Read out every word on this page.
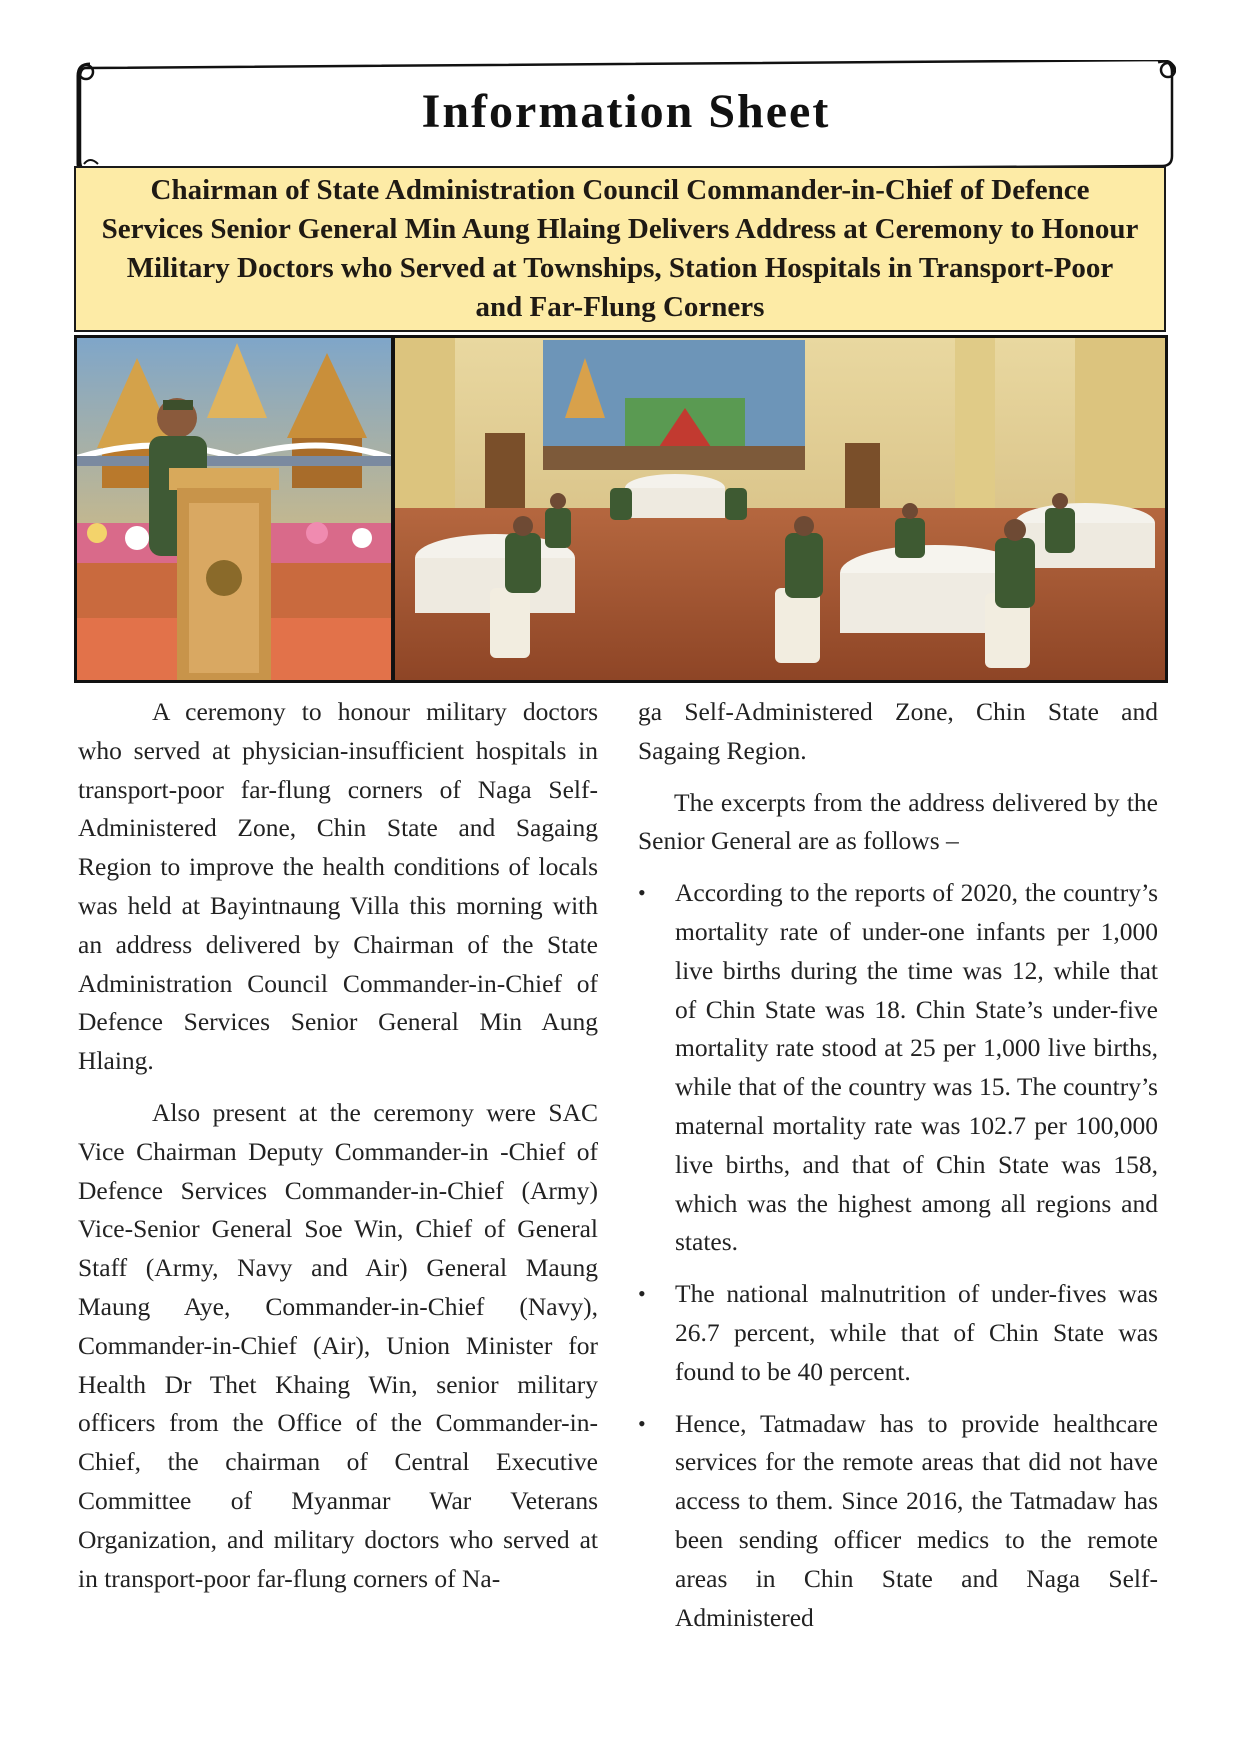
Information Sheet
Chairman of State Administration Council Commander-in-Chief of Defence Services Senior General Min Aung Hlaing Delivers Address at Ceremony to Honour Military Doctors who Served at Townships, Station Hospitals in Transport-Poor and Far-Flung Corners

A ceremony to honour military doctors who served at physician-insufficient hospitals in transport-poor far-flung corners of Naga Self-Administered Zone, Chin State and Sagaing Region to improve the health conditions of locals was held at Bayintnaung Villa this morning with an address delivered by Chairman of the State Administration Council Commander-in-Chief of Defence Services Senior General Min Aung Hlaing.

Also present at the ceremony were SAC Vice Chairman Deputy Commander-in -Chief of Defence Services Commander-in-Chief (Army) Vice-Senior General Soe Win, Chief of General Staff (Army, Navy and Air) General Maung Maung Aye, Commander-in-Chief (Navy), Commander-in-Chief (Air), Union Minister for Health Dr Thet Khaing Win, senior military officers from the Office of the Commander-in-Chief, the chairman of Central Executive Committee of Myanmar War Veterans Organization, and military doctors who served at in transport-poor far-flung corners of Na-

ga Self-Administered Zone, Chin State and Sagaing Region.

The excerpts from the address delivered by the Senior General are as follows –

• According to the reports of 2020, the country’s mortality rate of under-one infants per 1,000 live births during the time was 12, while that of Chin State was 18. Chin State’s under-five mortality rate stood at 25 per 1,000 live births, while that of the country was 15. The country’s maternal mortality rate was 102.7 per 100,000 live births, and that of Chin State was 158, which was the highest among all regions and states.
• The national malnutrition of under-fives was 26.7 percent, while that of Chin State was found to be 40 percent.
• Hence, Tatmadaw has to provide healthcare services for the remote areas that did not have access to them. Since 2016, the Tatmadaw has been sending officer medics to the remote areas in Chin State and Naga Self-Administered
